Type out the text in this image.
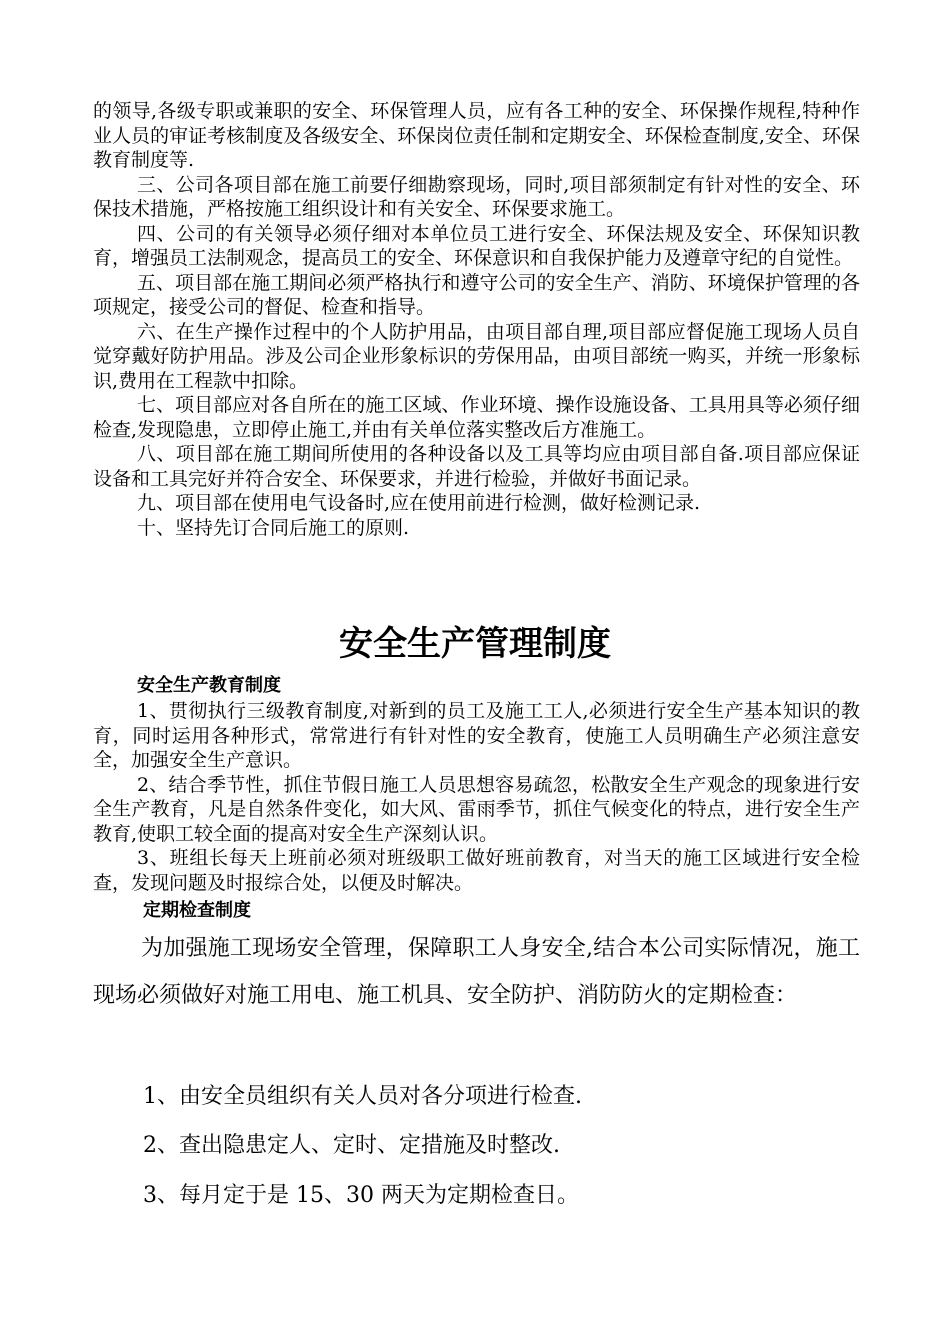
的领导,各级专职或兼职的安全、环保管理人员，应有各工种的安全、环保操作规程,特种作业人员的审证考核制度及各级安全、环保岗位责任制和定期安全、环保检查制度,安全、环保教育制度等.

三、公司各项目部在施工前要仔细勘察现场，同时,项目部须制定有针对性的安全、环保技术措施，严格按施工组织设计和有关安全、环保要求施工。

四、公司的有关领导必须仔细对本单位员工进行安全、环保法规及安全、环保知识教育，增强员工法制观念，提高员工的安全、环保意识和自我保护能力及遵章守纪的自觉性。

五、项目部在施工期间必须严格执行和遵守公司的安全生产、消防、环境保护管理的各项规定，接受公司的督促、检查和指导。

六、在生产操作过程中的个人防护用品，由项目部自理,项目部应督促施工现场人员自觉穿戴好防护用品。涉及公司企业形象标识的劳保用品，由项目部统一购买，并统一形象标识,费用在工程款中扣除。

七、项目部应对各自所在的施工区域、作业环境、操作设施设备、工具用具等必须仔细检查,发现隐患，立即停止施工,并由有关单位落实整改后方准施工。

八、项目部在施工期间所使用的各种设备以及工具等均应由项目部自备.项目部应保证设备和工具完好并符合安全、环保要求，并进行检验，并做好书面记录。

九、项目部在使用电气设备时,应在使用前进行检测，做好检测记录.

十、坚持先订合同后施工的原则.

安全生产管理制度

安全生产教育制度

1、贯彻执行三级教育制度,对新到的员工及施工工人,必须进行安全生产基本知识的教育，同时运用各种形式，常常进行有针对性的安全教育，使施工人员明确生产必须注意安全，加强安全生产意识。

2、结合季节性，抓住节假日施工人员思想容易疏忽，松散安全生产观念的现象进行安全生产教育，凡是自然条件变化，如大风、雷雨季节，抓住气候变化的特点，进行安全生产教育,使职工较全面的提高对安全生产深刻认识。

3、班组长每天上班前必须对班级职工做好班前教育，对当天的施工区域进行安全检查，发现问题及时报综合处，以便及时解决。

定期检查制度

为加强施工现场安全管理，保障职工人身安全,结合本公司实际情况，施工现场必须做好对施工用电、施工机具、安全防护、消防防火的定期检查：

1、由安全员组织有关人员对各分项进行检查.

2、查出隐患定人、定时、定措施及时整改.

3、每月定于是 15、30 两天为定期检查日。
